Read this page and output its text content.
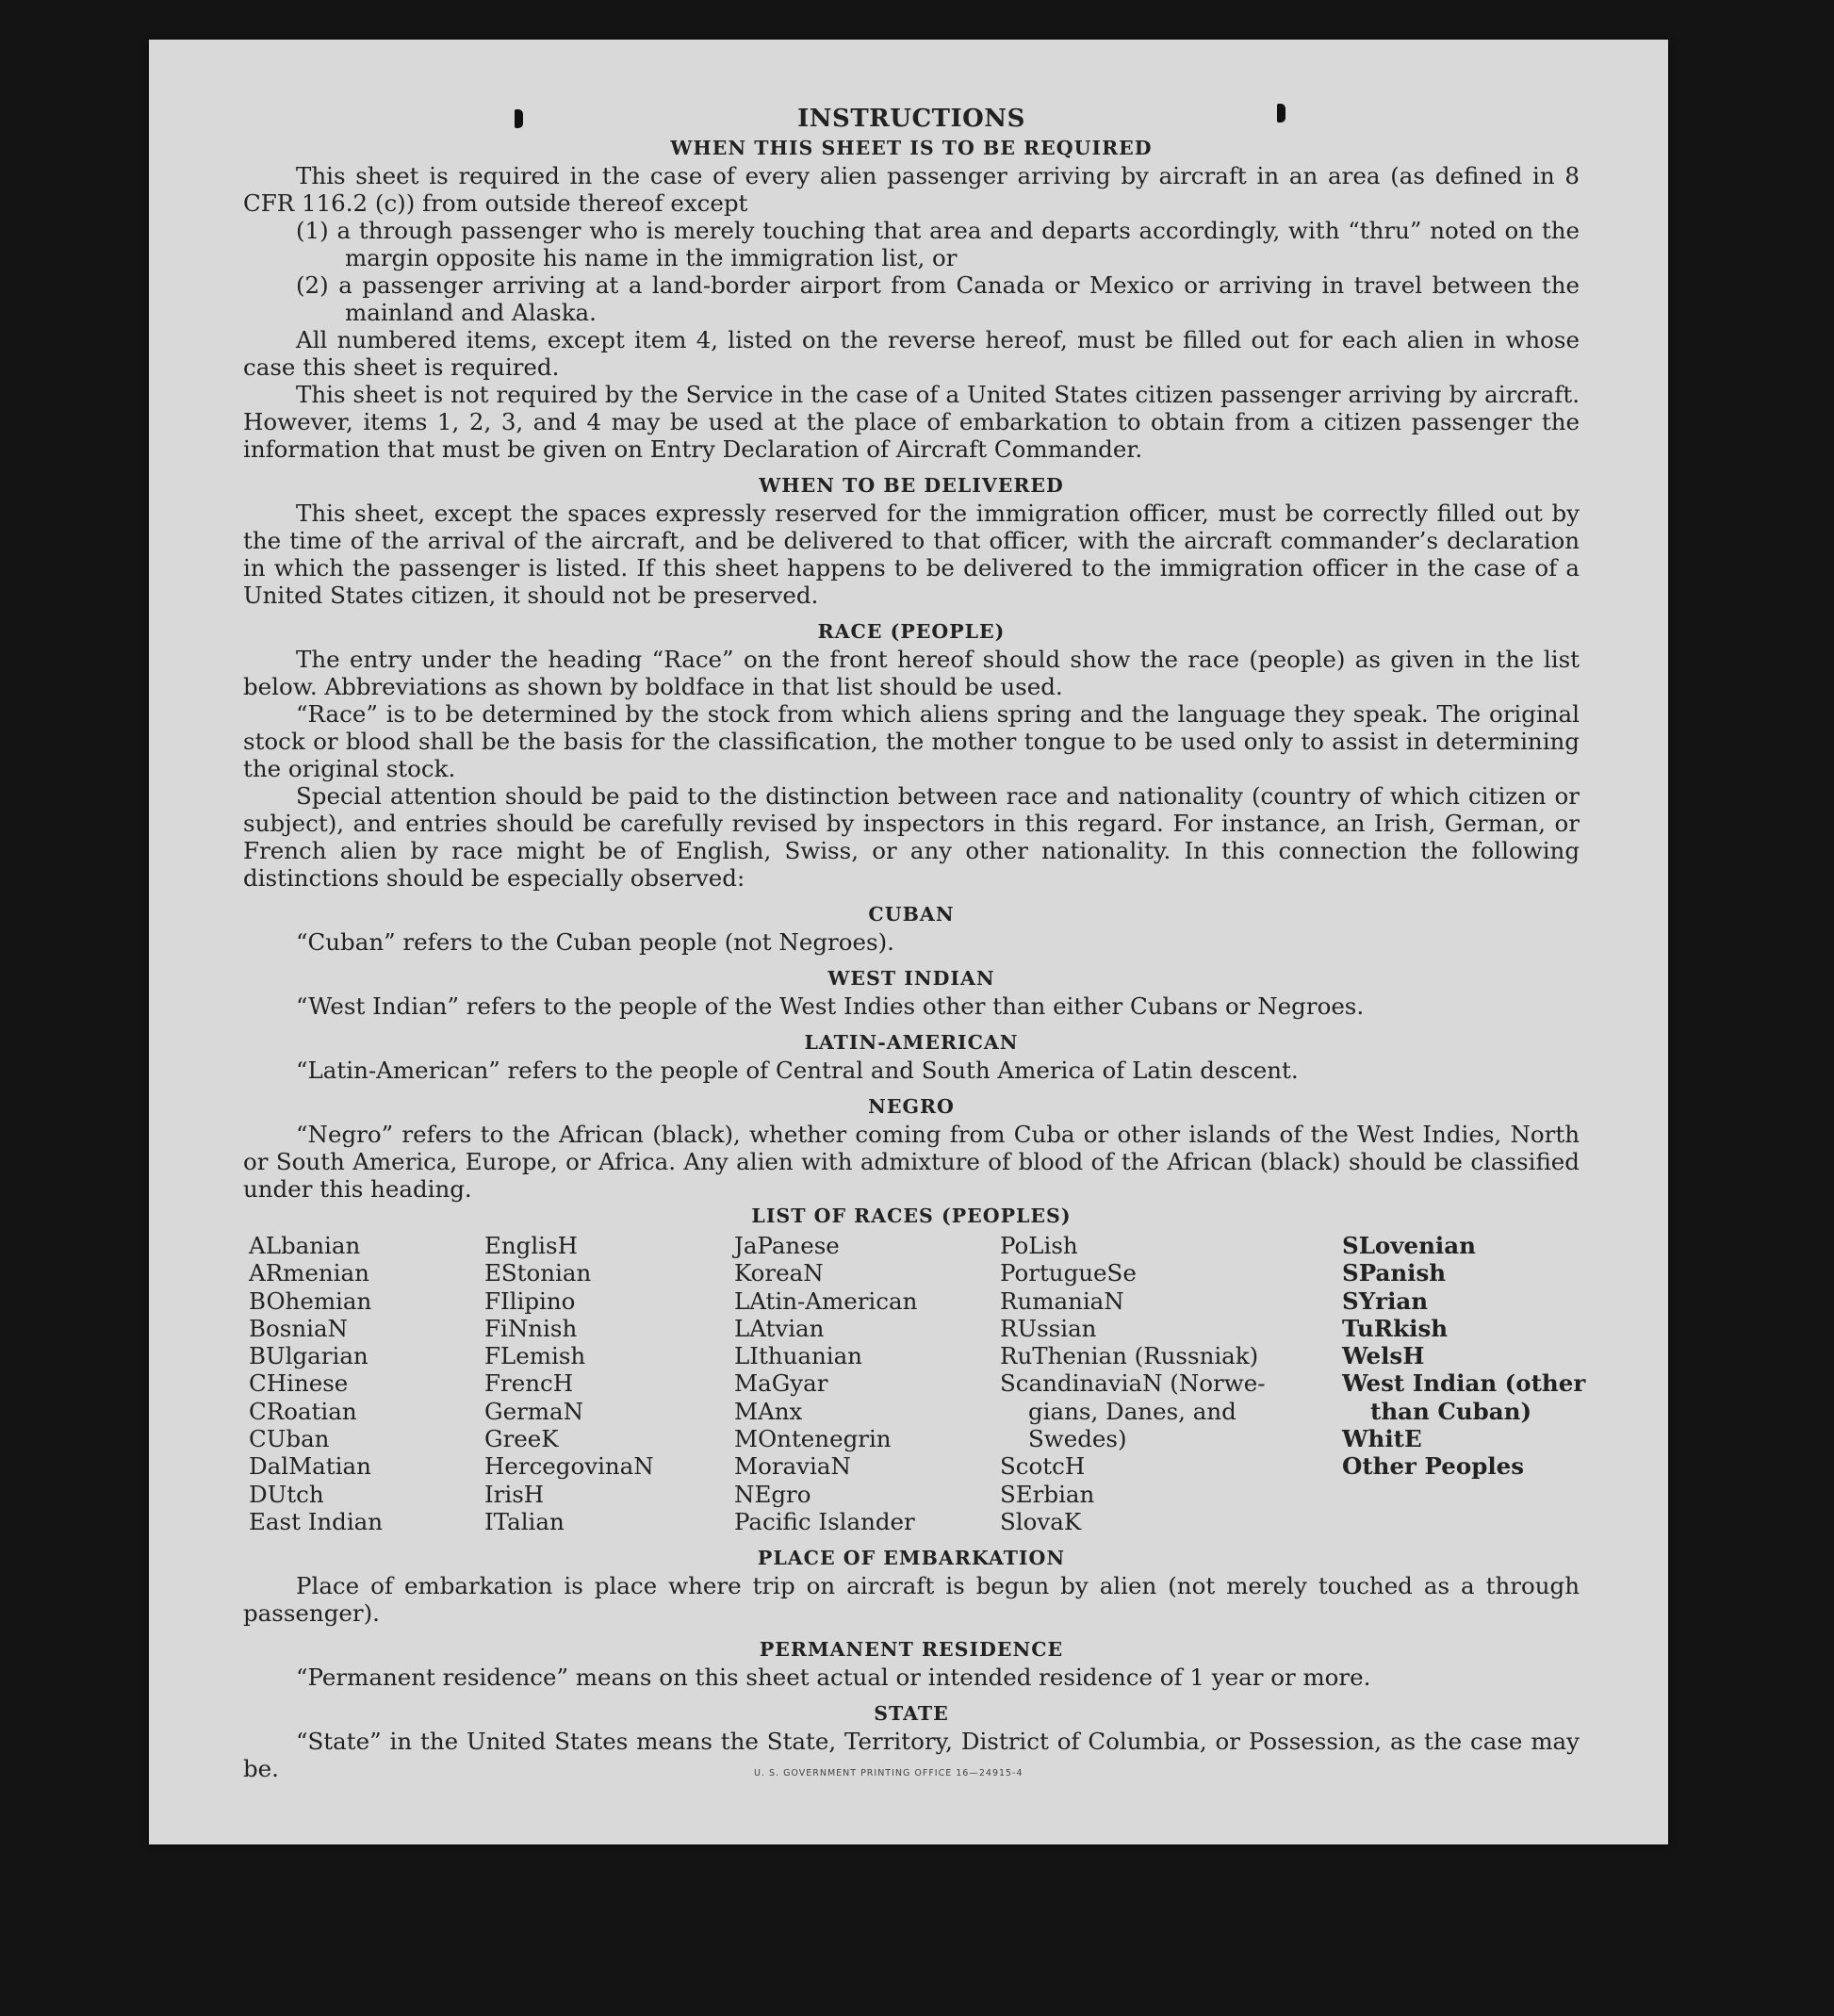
INSTRUCTIONS
WHEN THIS SHEET IS TO BE REQUIRED

This sheet is required in the case of every alien passenger arriving by aircraft in an area (as defined in 8 CFR 116.2 (c)) from outside thereof except

(1) a through passenger who is merely touching that area and departs accordingly, with “thru” noted on the margin opposite his name in the immigration list, or

(2) a passenger arriving at a land-border airport from Canada or Mexico or arriving in travel between the mainland and Alaska.

All numbered items, except item 4, listed on the reverse hereof, must be filled out for each alien in whose case this sheet is required.

This sheet is not required by the Service in the case of a United States citizen passenger arriving by aircraft. However, items 1, 2, 3, and 4 may be used at the place of embarkation to obtain from a citizen passenger the information that must be given on Entry Declaration of Aircraft Commander.

WHEN TO BE DELIVERED

This sheet, except the spaces expressly reserved for the immigration officer, must be correctly filled out by the time of the arrival of the aircraft, and be delivered to that officer, with the aircraft commander’s declaration in which the passenger is listed. If this sheet happens to be delivered to the immigration officer in the case of a United States citizen, it should not be preserved.

RACE (PEOPLE)

The entry under the heading “Race” on the front hereof should show the race (people) as given in the list below. Abbreviations as shown by boldface in that list should be used.

“Race” is to be determined by the stock from which aliens spring and the language they speak. The original stock or blood shall be the basis for the classification, the mother tongue to be used only to assist in determining the original stock.

Special attention should be paid to the distinction between race and nationality (country of which citizen or subject), and entries should be carefully revised by inspectors in this regard. For instance, an Irish, German, or French alien by race might be of English, Swiss, or any other nationality. In this connection the following distinctions should be especially observed:

CUBAN

“Cuban” refers to the Cuban people (not Negroes).

WEST INDIAN

“West Indian” refers to the people of the West Indies other than either Cubans or Negroes.

LATIN-AMERICAN

“Latin-American” refers to the people of Central and South America of Latin descent.

NEGRO

“Negro” refers to the African (black), whether coming from Cuba or other islands of the West Indies, North or South America, Europe, or Africa. Any alien with admixture of blood of the African (black) should be classified under this heading.

LIST OF RACES (PEOPLES)
ALbanian
ARmenian
BOhemian
BosniaN
BUlgarian
CHinese
CRoatian
CUban
DalMatian
DUtch
East Indian
EnglisH
EStonian
FIlipino
FiNnish
FLemish
FrencH
GermaN
GreeK
HercegovinaN
IrisH
ITalian
JaPanese
KoreaN
LAtin-American
LAtvian
LIthuanian
MaGyar
MAnx
MOntenegrin
MoraviaN
NEgro
Pacific Islander
PoLish
PortugueSe
RumaniaN
RUssian
RuThenian (Russniak)
ScandinaviaN (Norwe-
gians, Danes, and
Swedes)
ScotcH
SErbian
SlovaK
SLovenian
SPanish
SYrian
TuRkish
WelsH
West Indian (other
than Cuban)
WhitE
Other Peoples
PLACE OF EMBARKATION

Place of embarkation is place where trip on aircraft is begun by alien (not merely touched as a through passenger).

PERMANENT RESIDENCE

“Permanent residence” means on this sheet actual or intended residence of 1 year or more.

STATE

“State” in the United States means the State, Territory, District of Columbia, or Possession, as the case may be.	U. S. GOVERNMENT PRINTING OFFICE 16—24915-4
